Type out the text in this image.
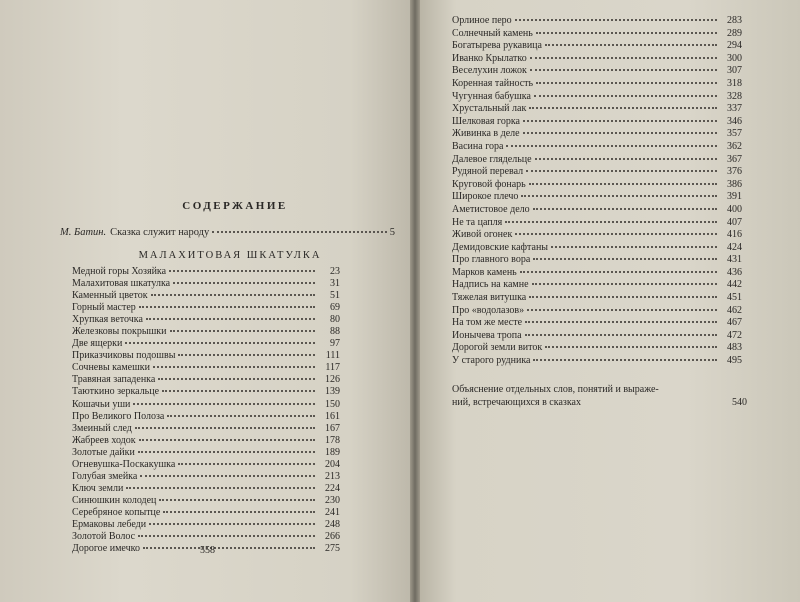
СОДЕРЖАНИЕ
М. Батин. Сказка служит народу	5
МАЛАХИТОВАЯ ШКАТУЛКА
Медной горы Хозяйка	23
Малахитовая шкатулка	31
Каменный цветок	51
Горный мастер	69
Хрупкая веточка	80
Железковы покрышки	88
Две ящерки	97
Приказчиковы подошвы	111
Сочневы камешки	117
Травяная западенка	126
Таюткино зеркальце	139
Кошачьи уши	150
Про Великого Полоза	161
Змеиный след	167
Жабреев ходок	178
Золотые дайки	189
Огневушка-Поскакушка	204
Голубая змейка	213
Ключ земли	224
Синюшкин колодец	230
Серебряное копытце	241
Ермаковы лебеди	248
Золотой Волос	266
Дорогое имечко	275
Орлиное перо	283
Солнечный камень	289
Богатырева рукавица	294
Иванко Крылатко	300
Веселухин ложок	307
Коренная тайность	318
Чугунная бабушка	328
Хрустальный лак	337
Шелковая горка	346
Живинка в деле	357
Васина гора	362
Далевое глядельце	367
Рудяной перевал	376
Круговой фонарь	386
Широкое плечо	391
Аметистовое дело	400
Не та цапля	407
Живой огонек	416
Демидовские кафтаны	424
Про главного вора	431
Марков камень	436
Надпись на камне	442
Тяжелая витушка	451
Про «водолазов»	462
На том же месте	467
Ионычева тропа	472
Дорогой земли виток	483
У старого рудника	495
Объяснение отдельных слов, понятий и выраже-
ний, встречающихся в сказках	540
558
